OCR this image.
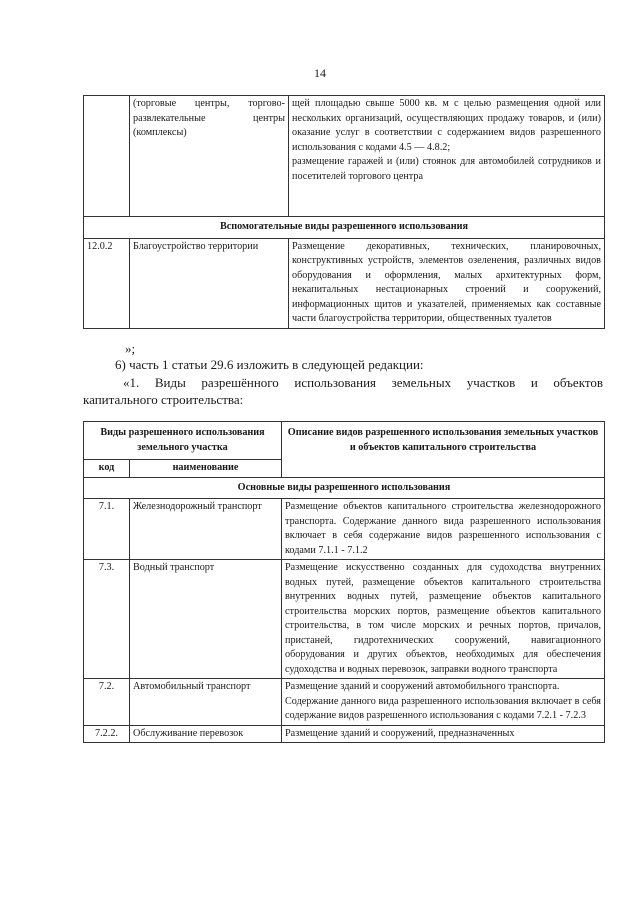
14
	(торговые центры, торгово-развлекательные центры (комплексы)	щей площадью свыше 5000 кв. м с целью размещения одной или нескольких организаций, осуществляющих продажу товаров, и (или) оказание услуг в соответствии с содержанием видов разрешенного использования с кодами 4.5 — 4.8.2;
размещение гаражей и (или) стоянок для автомобилей сотрудников и посетителей торгового центра

Вспомогательные виды разрешенного использования		
12.0.2	Благоустройство территории	Размещение декоративных, технических, планировочных, конструктивных устройств, элементов озеленения, различных видов оборудования и оформления, малых архитектурных форм, некапитальных нестационарных строений и сооружений, информационных щитов и указателей, применяемых как составные части благоустройства территории, общественных туалетов
»;
6) часть 1 статьи 29.6 изложить в следующей редакции:
«1. Виды разрешённого использования земельных участков и объектов
капитального строительства:
Виды разрешенного использования земельного участка		Описание видов разрешенного использования земельных участков и объектов капитального строительства
код	наименование	
Основные виды разрешенного использования		
7.1.	Железнодорожный транспорт	Размещение объектов капитального строительства железнодорожного транспорта. Содержание данного вида разрешенного использования включает в себя содержание видов разрешенного использования с кодами 7.1.1 - 7.1.2
7.3.	Водный транспорт	Размещение искусственно созданных для судоходства внутренних водных путей, размещение объектов капитального строительства внутренних водных путей, размещение объектов капитального строительства морских портов, размещение объектов капитального строительства, в том числе морских и речных портов, причалов, пристаней, гидротехнических сооружений, навигационного оборудования и других объектов, необходимых для обеспечения судоходства и водных перевозок, заправки водного транспорта
7.2.	Автомобильный транспорт	Размещение зданий и сооружений автомобильного транспорта.
Содержание данного вида разрешенного использования включает в себя содержание видов разрешенного использования с кодами 7.2.1 - 7.2.3

7.2.2.	Обслуживание перевозок	Размещение зданий и сооружений, предназначенных
